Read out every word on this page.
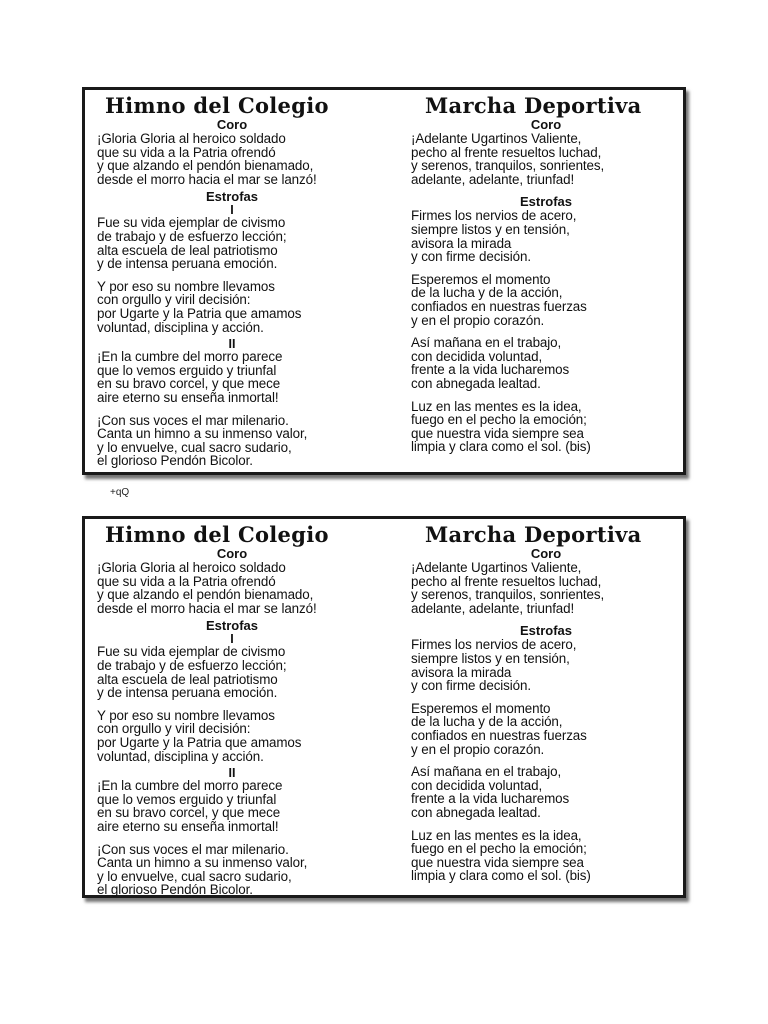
Himno del Colegio
Coro
¡Gloria Gloria al heroico soldado
que su vida a la Patria ofrendó
y que alzando el pendón bienamado,
desde el morro hacia el mar se lanzó!
Estrofas
I
Fue su vida ejemplar de civismo
de trabajo y de esfuerzo lección;
alta escuela de leal patriotismo
y de intensa peruana emoción.
Y por eso su nombre llevamos
con orgullo y viril decisión:
por Ugarte y la Patria que amamos
voluntad, disciplina y acción.
II
¡En la cumbre del morro parece
que lo vemos erguido y triunfal
en su bravo corcel, y que mece
aire eterno su enseña inmortal!
¡Con sus voces el mar milenario.
Canta un himno a su inmenso valor,
y lo envuelve, cual sacro sudario,
el glorioso Pendón Bicolor.
Marcha Deportiva
Coro
¡Adelante Ugartinos Valiente,
pecho al frente resueltos luchad,
y serenos, tranquilos, sonrientes,
adelante, adelante, triunfad!
Estrofas
Firmes los nervios de acero,
siempre listos y en tensión,
avisora la mirada
y con firme decisión.
Esperemos el momento
de la lucha y de la acción,
confiados en nuestras fuerzas
y en el propio corazón.
Así mañana en el trabajo,
con decidida voluntad,
frente a la vida lucharemos
con abnegada lealtad.
Luz en las mentes es la idea,
fuego en el pecho la emoción;
que nuestra vida siempre sea
limpia y clara como el sol. (bis)
+qQ
Himno del Colegio
Coro
¡Gloria Gloria al heroico soldado
que su vida a la Patria ofrendó
y que alzando el pendón bienamado,
desde el morro hacia el mar se lanzó!
Estrofas
I
Fue su vida ejemplar de civismo
de trabajo y de esfuerzo lección;
alta escuela de leal patriotismo
y de intensa peruana emoción.
Y por eso su nombre llevamos
con orgullo y viril decisión:
por Ugarte y la Patria que amamos
voluntad, disciplina y acción.
II
¡En la cumbre del morro parece
que lo vemos erguido y triunfal
en su bravo corcel, y que mece
aire eterno su enseña inmortal!
¡Con sus voces el mar milenario.
Canta un himno a su inmenso valor,
y lo envuelve, cual sacro sudario,
el glorioso Pendón Bicolor.
Marcha Deportiva
Coro
¡Adelante Ugartinos Valiente,
pecho al frente resueltos luchad,
y serenos, tranquilos, sonrientes,
adelante, adelante, triunfad!
Estrofas
Firmes los nervios de acero,
siempre listos y en tensión,
avisora la mirada
y con firme decisión.
Esperemos el momento
de la lucha y de la acción,
confiados en nuestras fuerzas
y en el propio corazón.
Así mañana en el trabajo,
con decidida voluntad,
frente a la vida lucharemos
con abnegada lealtad.
Luz en las mentes es la idea,
fuego en el pecho la emoción;
que nuestra vida siempre sea
limpia y clara como el sol. (bis)
